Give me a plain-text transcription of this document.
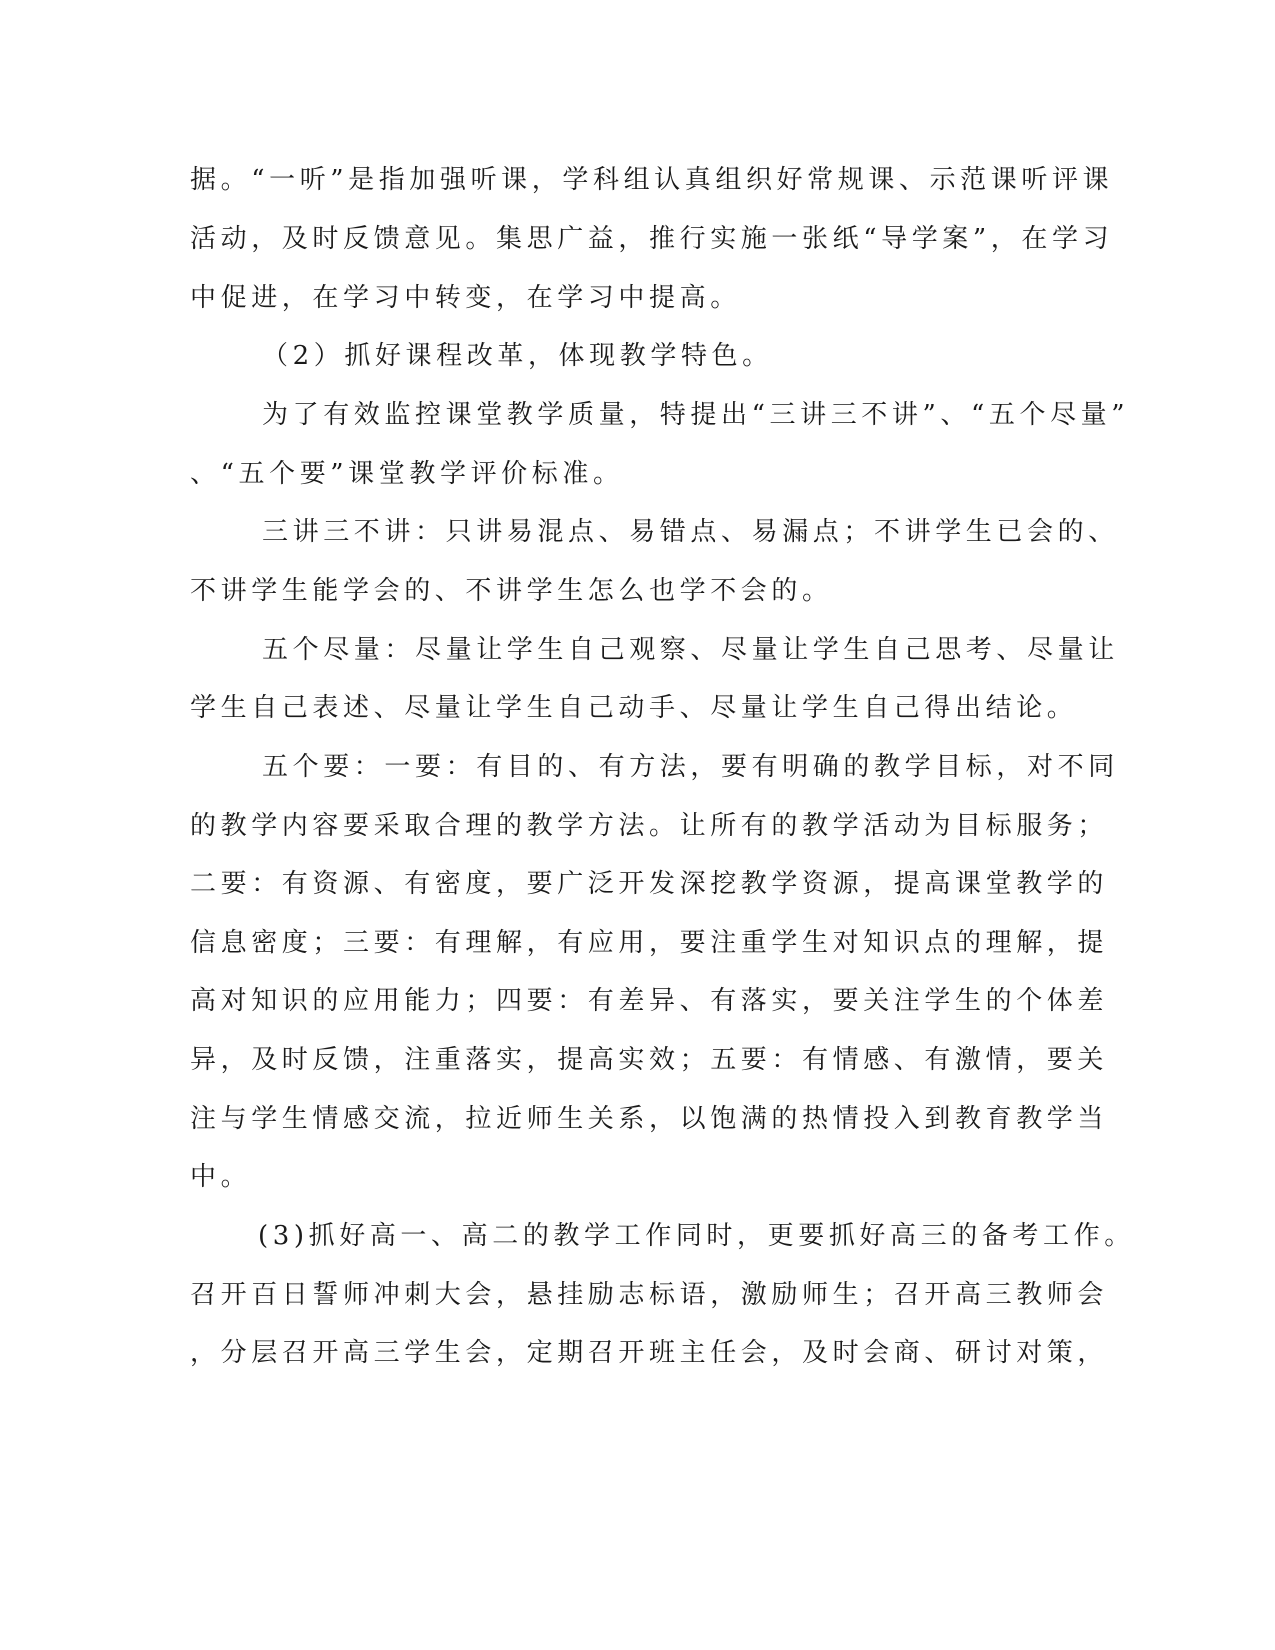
据。“一听”是指加强听课，学科组认真组织好常规课、示范课听评课
活动，及时反馈意见。集思广益，推行实施一张纸“导学案”，在学习
中促进，在学习中转变，在学习中提高。
（2）抓好课程改革，体现教学特色。
为了有效监控课堂教学质量，特提出“三讲三不讲”、“五个尽量”
、“五个要”课堂教学评价标准。
三讲三不讲：只讲易混点、易错点、易漏点；不讲学生已会的、
不讲学生能学会的、不讲学生怎么也学不会的。
五个尽量：尽量让学生自己观察、尽量让学生自己思考、尽量让
学生自己表述、尽量让学生自己动手、尽量让学生自己得出结论。
五个要：一要：有目的、有方法，要有明确的教学目标，对不同
的教学内容要采取合理的教学方法。让所有的教学活动为目标服务；
二要：有资源、有密度，要广泛开发深挖教学资源，提高课堂教学的
信息密度；三要：有理解，有应用，要注重学生对知识点的理解，提
高对知识的应用能力；四要：有差异、有落实，要关注学生的个体差
异，及时反馈，注重落实，提高实效；五要：有情感、有激情，要关
注与学生情感交流，拉近师生关系，以饱满的热情投入到教育教学当
中。
(3)抓好高一、高二的教学工作同时，更要抓好高三的备考工作。
召开百日誓师冲刺大会，悬挂励志标语，激励师生；召开高三教师会
，分层召开高三学生会，定期召开班主任会，及时会商、研讨对策，
